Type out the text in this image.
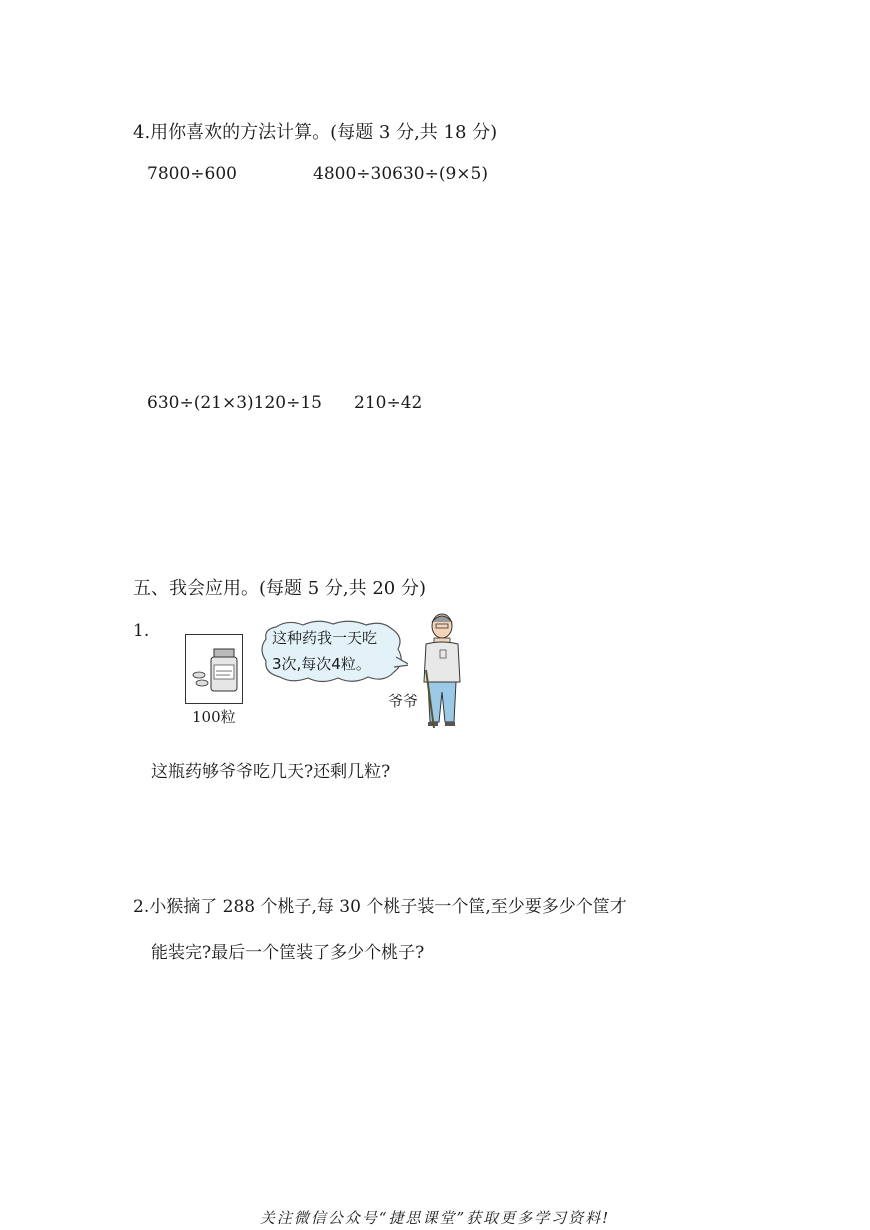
4.用你喜欢的方法计算。(每题 3 分,共 18 分)
7800÷600	4800÷30630÷(9×5)
630÷(21×3)120÷15 210÷42
五、我会应用。(每题 5 分,共 20 分)
1.
100粒
这种药我一天吃
3次,每次4粒。
爷爷
这瓶药够爷爷吃几天?还剩几粒?
2.小猴摘了 288 个桃子,每 30 个桃子装一个筐,至少要多少个筐才
能装完?最后一个筐装了多少个桃子?
关注微信公众号“捷思课堂”获取更多学习资料!
